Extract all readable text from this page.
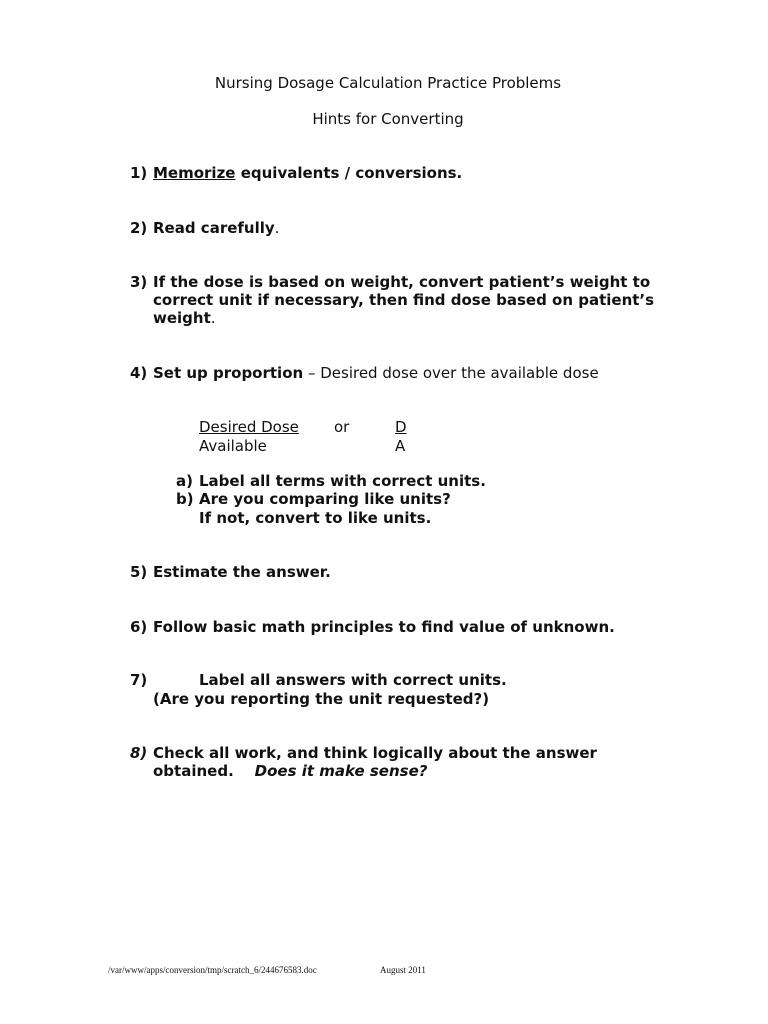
Nursing Dosage Calculation Practice Problems
Hints for Converting
1) Memorize equivalents / conversions.
2) Read carefully.
3) If the dose is based on weight, convert patient’s weight to correct unit if necessary, then find dose based on patient’s weight.
4) Set up proportion – Desired dose over the available dose
Desired Dose
Available
or	D
A
a) Label all terms with correct units.
b) Are you comparing like units?
If not, convert to like units.
5) Estimate the answer.
6) Follow basic math principles to find value of unknown.
7)	Label all answers with correct units.
(Are you reporting the unit requested?)
8) Check all work, and think logically about the answer obtained. Does it make sense?
/var/www/apps/conversion/tmp/scratch_6/244676583.doc	August 2011
